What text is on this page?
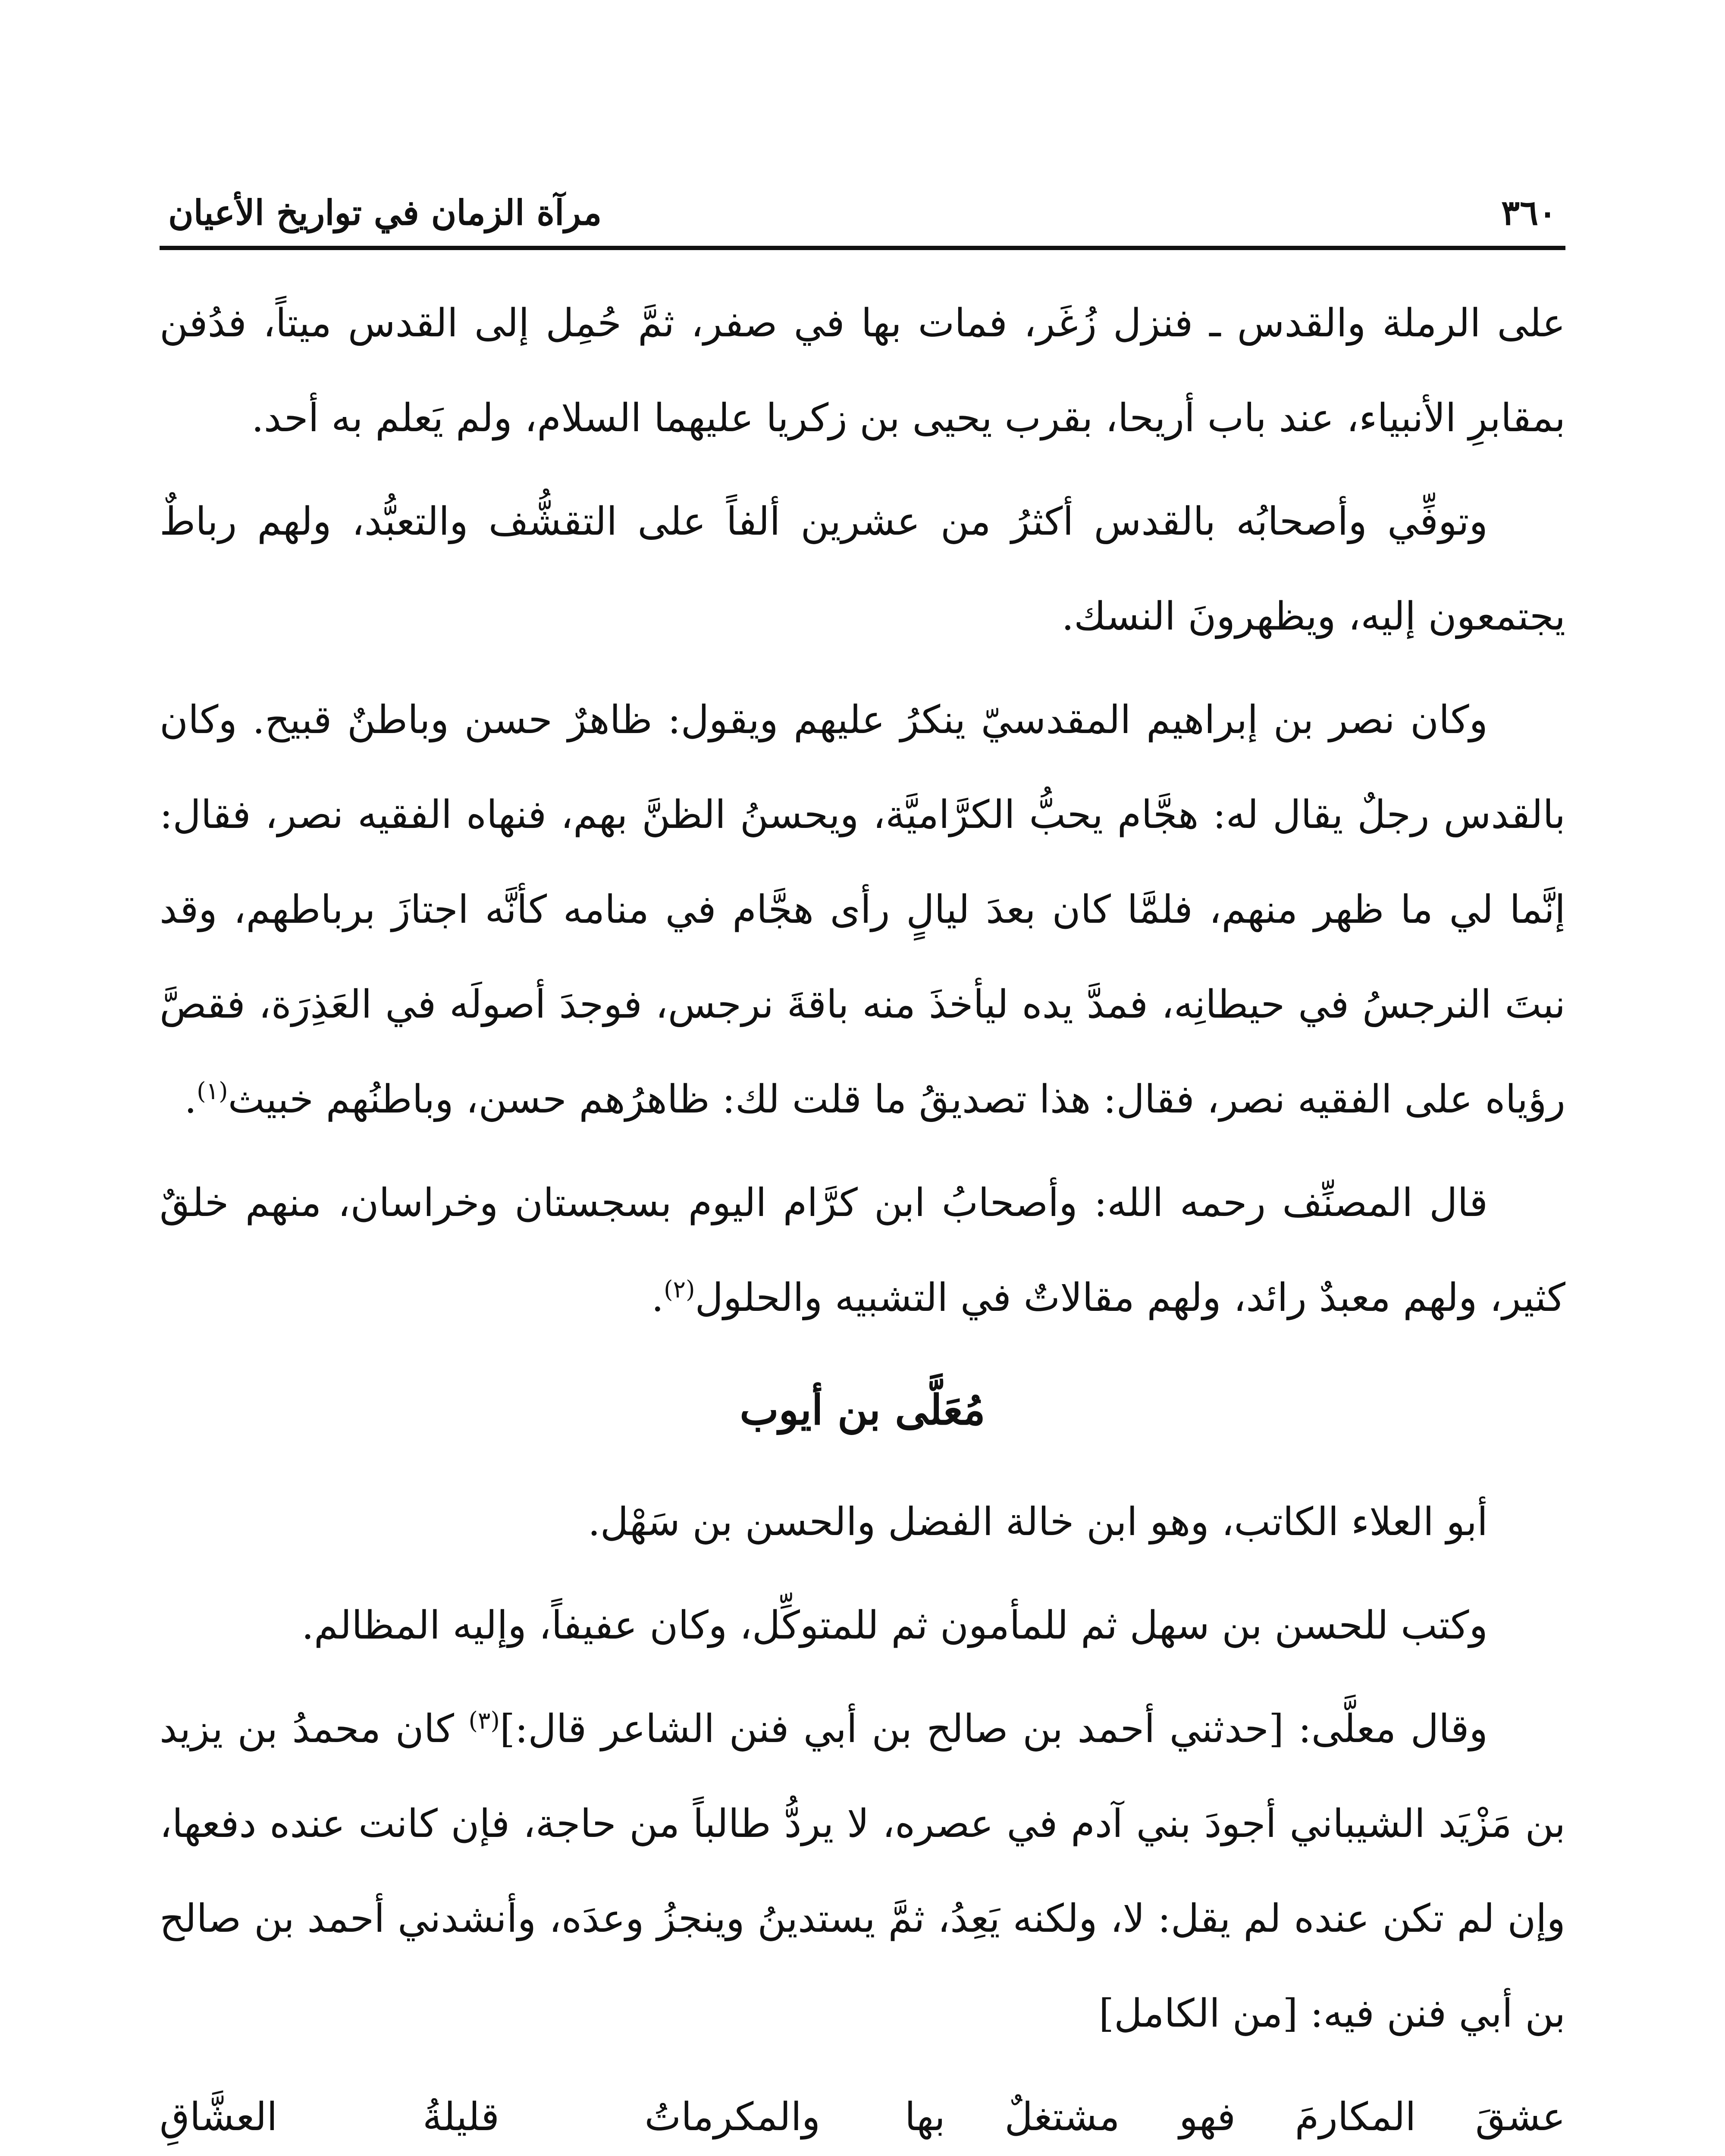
٣٦٠
مرآة الزمان في تواريخ الأعيان

على الرملة والقدس ـ فنزل زُغَر، فمات بها في صفر، ثمَّ حُمِل إلى القدس ميتاً، فدُفن بمقابرِ الأنبياء، عند باب أريحا، بقرب يحيى بن زكريا عليهما السلام، ولم يَعلم به أحد.

وتوفِّي وأصحابُه بالقدس أكثرُ من عشرين ألفاً على التقشُّف والتعبُّد، ولهم رباطٌ يجتمعون إليه، ويظهرونَ النسك.

وكان نصر بن إبراهيم المقدسيّ ينكرُ عليهم ويقول: ظاهرٌ حسن وباطنٌ قبيح. وكان بالقدس رجلٌ يقال له: هجَّام يحبُّ الكرَّاميَّة، ويحسنُ الظنَّ بهم، فنهاه الفقيه نصر، فقال: إنَّما لي ما ظهر منهم، فلمَّا كان بعدَ ليالٍ رأى هجَّام في منامه كأنَّه اجتازَ برباطهم، وقد نبتَ النرجسُ في حيطانِه، فمدَّ يده ليأخذَ منه باقةَ نرجس، فوجدَ أصولَه في العَذِرَة، فقصَّ رؤياه على الفقيه نصر، فقال: هذا تصديقُ ما قلت لك: ظاهرُهم حسن، وباطنُهم خبيث$^{(١)}$.

قال المصنِّف رحمه الله: وأصحابُ ابن كرَّام اليوم بسجستان وخراسان، منهم خلقٌ كثير، ولهم معبدٌ رائد، ولهم مقالاتٌ في التشبيه والحلول$^{(٢)}$.

مُعَلَّى بن أيوب

أبو العلاء الكاتب، وهو ابن خالة الفضل والحسن بن سَهْل.

وكتب للحسن بن سهل ثم للمأمون ثم للمتوكِّل، وكان عفيفاً، وإليه المظالم.

وقال معلَّى: [حدثني أحمد بن صالح بن أبي فنن الشاعر قال:]$^{(٣)}$ كان محمدُ بن يزيد بن مَزْيَد الشيباني أجودَ بني آدم في عصره، لا يردُّ طالباً من حاجة، فإن كانت عنده دفعها، وإن لم تكن عنده لم يقل: لا، ولكنه يَعِدُ، ثمَّ يستدينُ وينجزُ وعدَه، وأنشدني أحمد بن صالح بن أبي فنن فيه: [من الكامل]

عشقَ المكارمَ فهو مشتغلٌ بها
والمكرماتُ قليلةُ العشَّاقِ
